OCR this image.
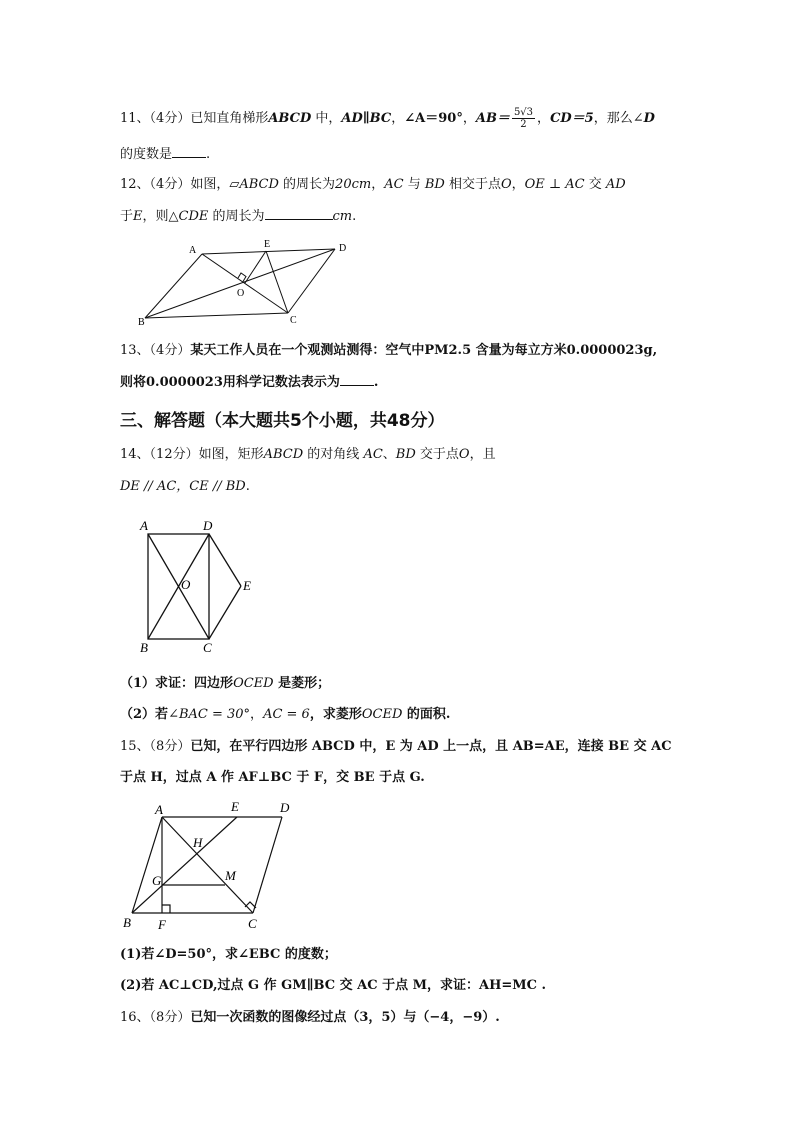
11、（4分）已知直角梯形ABCD 中，AD∥BC，∠A＝90°，$AB= \frac{5√3}{2}$ ，CD＝5，那么∠D
的度数是	.
12、（4分）如图，▱ABCD 的周长为20cm，AC 与 BD 相交于点O，OE ⊥ AC 交 AD
于E，则△CDE 的周长为	cm.
A
E	D
O
B	C
13、（4分）某天工作人员在一个观测站测得：空气中PM2.5 含量为每立方米0.0000023g,
则将0.0000023用科学记数法表示为	.
三、解答题（本大题共5个小题，共48分）
14、（12分）如图，矩形ABCD 的对角线 AC、BD 交于点O，且
DE // AC，CE // BD.
A	D
O	E
B	C
（1）求证：四边形OCED 是菱形；
（2）若∠BAC = 30°，AC = 6，求菱形OCED 的面积.
15、（8分）已知，在平行四边形 ABCD 中，E 为 AD 上一点，且 AB=AE，连接 BE 交 AC
于点 H，过点 A 作 AF⊥BC 于 F，交 BE 于点 G.
A	E	D
H
G	M
B F	C
(1)若∠D=50°，求∠EBC 的度数；
(2)若 AC⊥CD,过点 G 作 GM∥BC 交 AC 于点 M，求证：AH=MC .
16、（8分）已知一次函数的图像经过点（3，5）与（−4，−9）.
